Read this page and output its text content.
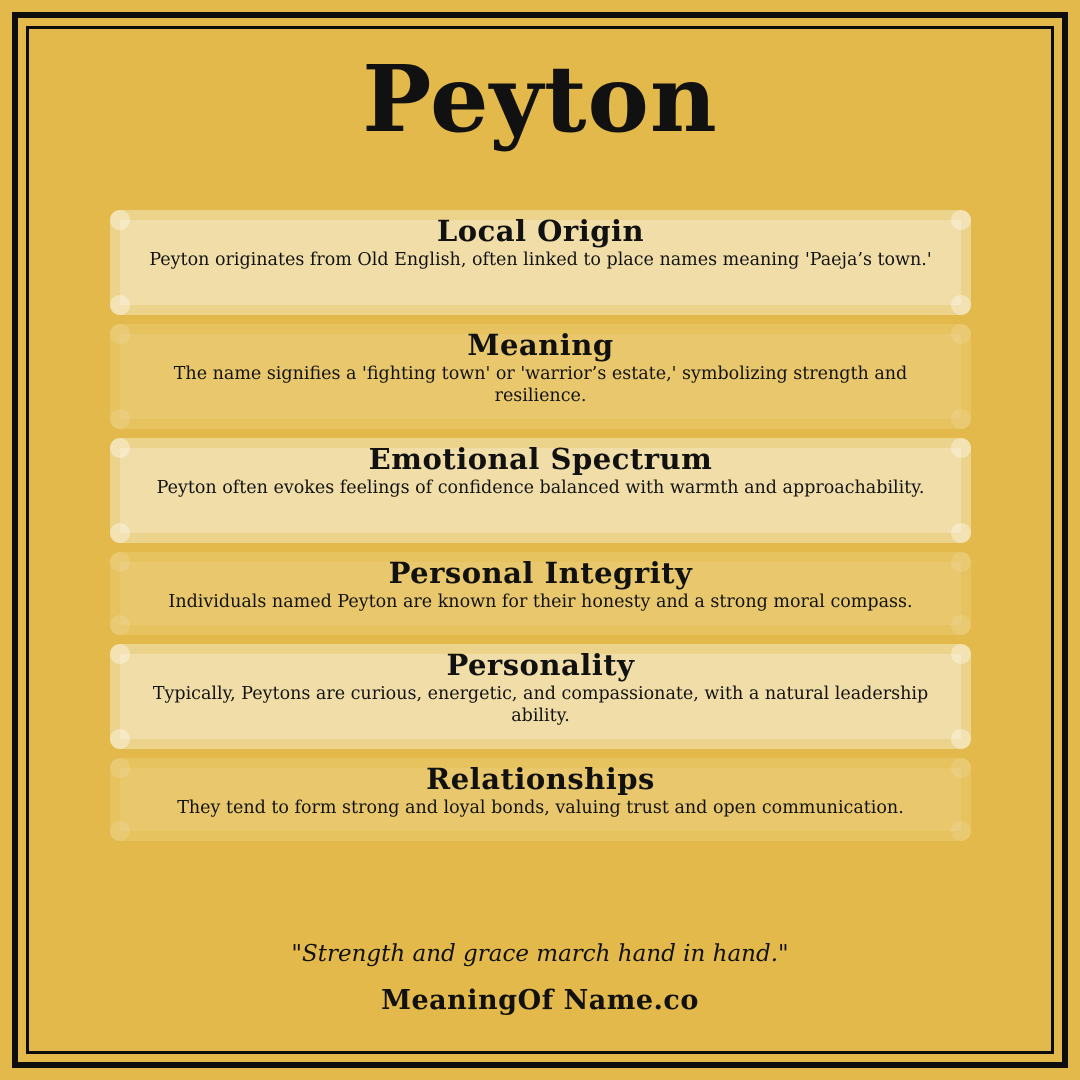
Peyton
Local Origin

Peyton originates from Old English, often linked to place names meaning 'Paeja’s town.'

Meaning

The name signifies a 'fighting town' or 'warrior’s estate,' symbolizing strength and resilience.

Emotional Spectrum

Peyton often evokes feelings of confidence balanced with warmth and approachability.

Personal Integrity

Individuals named Peyton are known for their honesty and a strong moral compass.

Personality

Typically, Peytons are curious, energetic, and compassionate, with a natural leadership ability.

Relationships

They tend to form strong and loyal bonds, valuing trust and open communication.

"Strength and grace march hand in hand."
MeaningOf Name.co
